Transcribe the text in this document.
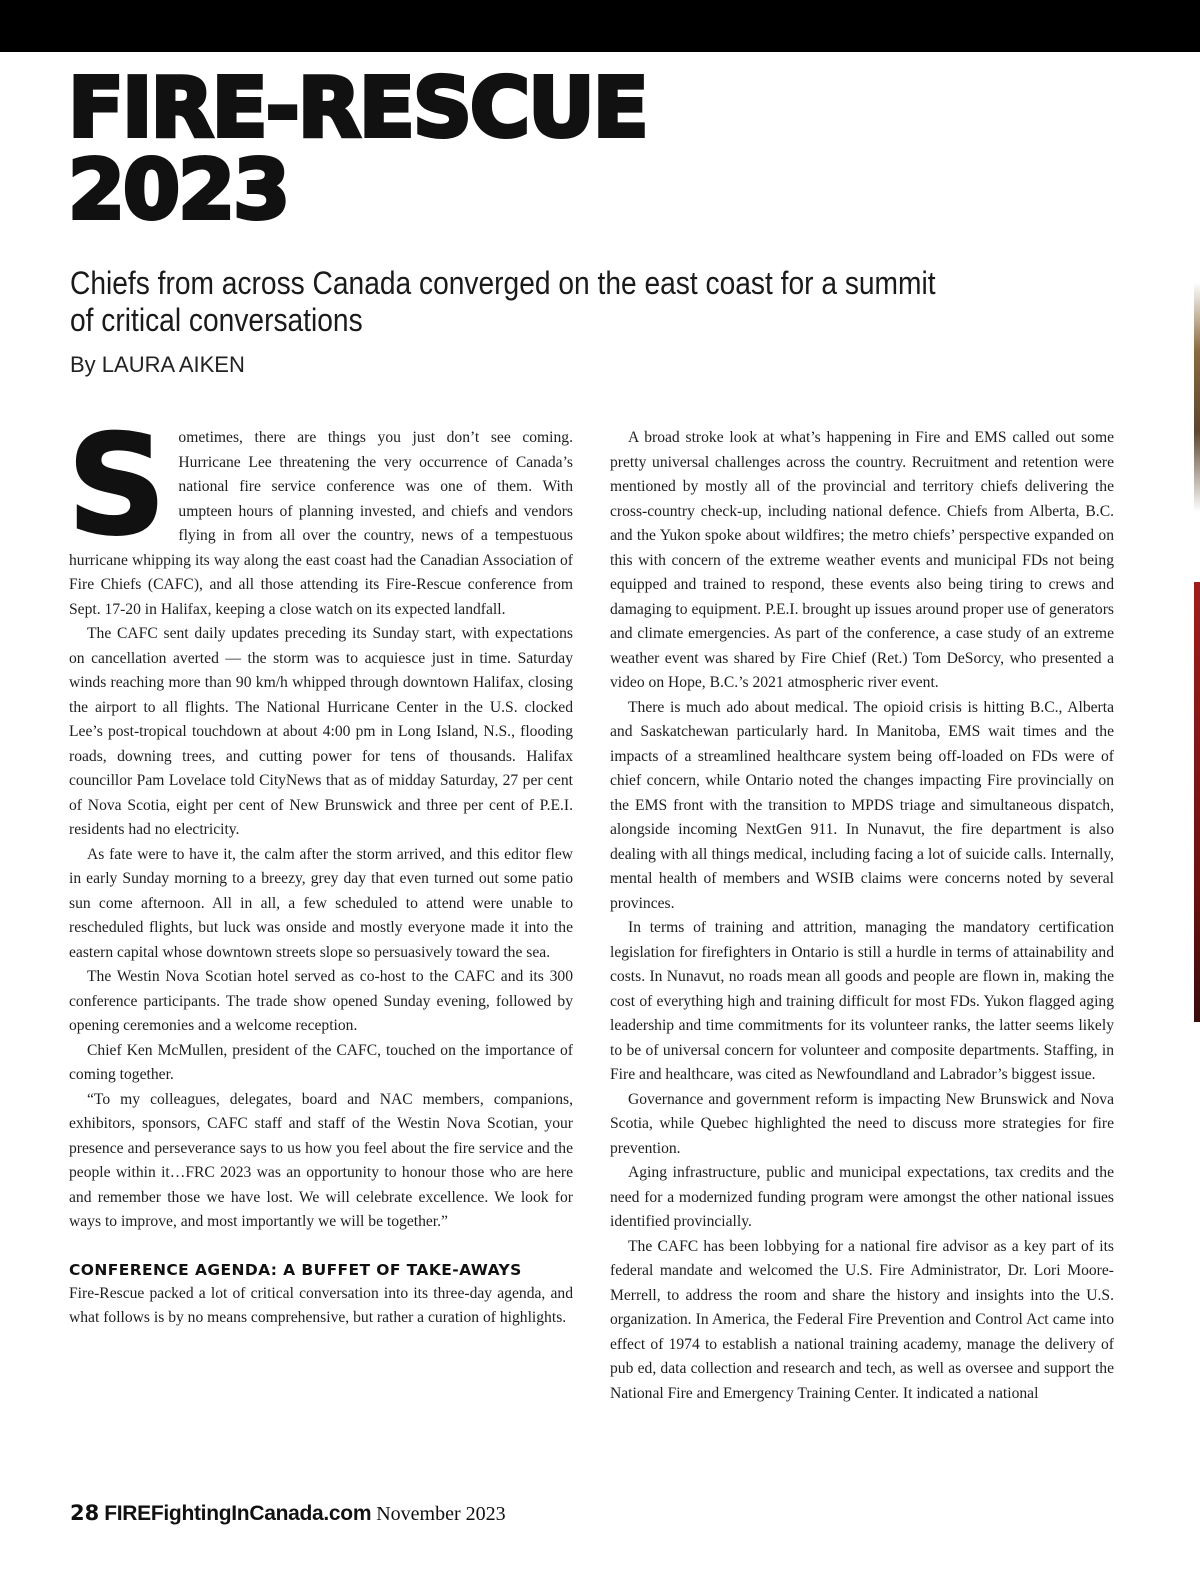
FIRE-RESCUE
2023
Chiefs from across Canada converged on the east coast for a summit of critical conversations

By LAURA AIKEN

S ometimes, there are things you just don’t see coming. Hurricane Lee threatening the very occurrence of Canada’s national fire service conference was one of them. With umpteen hours of planning invested, and chiefs and vendors flying in from all over the country, news of a tempestuous hurricane whipping its way along the east coast had the Canadian Association of Fire Chiefs (CAFC), and all those attending its Fire-Rescue conference from Sept. 17-20 in Halifax, keeping a close watch on its expected landfall.

The CAFC sent daily updates preceding its Sunday start, with expectations on cancellation averted — the storm was to acquiesce just in time. Saturday winds reaching more than 90 km/h whipped through downtown Halifax, closing the airport to all flights. The National Hurricane Center in the U.S. clocked Lee’s post-tropical touchdown at about 4:00 pm in Long Island, N.S., flooding roads, downing trees, and cutting power for tens of thousands. Halifax councillor Pam Lovelace told CityNews that as of midday Saturday, 27 per cent of Nova Scotia, eight per cent of New Brunswick and three per cent of P.E.I. residents had no electricity.

As fate were to have it, the calm after the storm arrived, and this editor flew in early Sunday morning to a breezy, grey day that even turned out some patio sun come afternoon. All in all, a few scheduled to attend were unable to rescheduled flights, but luck was onside and mostly everyone made it into the eastern capital whose downtown streets slope so persuasively toward the sea.

The Westin Nova Scotian hotel served as co-host to the CAFC and its 300 conference participants. The trade show opened Sunday evening, followed by opening ceremonies and a welcome reception.

Chief Ken McMullen, president of the CAFC, touched on the importance of coming together.

“To my colleagues, delegates, board and NAC members, companions, exhibitors, sponsors, CAFC staff and staff of the Westin Nova Scotian, your presence and perseverance says to us how you feel about the fire service and the people within it…FRC 2023 was an opportunity to honour those who are here and remember those we have lost. We will celebrate excellence. We look for ways to improve, and most importantly we will be together.”

CONFERENCE AGENDA: A BUFFET OF TAKE-AWAYS

Fire-Rescue packed a lot of critical conversation into its three-day agenda, and what follows is by no means comprehensive, but rather a curation of highlights.

A broad stroke look at what’s happening in Fire and EMS called out some pretty universal challenges across the country. Recruitment and retention were mentioned by mostly all of the provincial and territory chiefs delivering the cross-country check-up, including national defence. Chiefs from Alberta, B.C. and the Yukon spoke about wildfires; the metro chiefs’ perspective expanded on this with concern of the extreme weather events and municipal FDs not being equipped and trained to respond, these events also being tiring to crews and damaging to equipment. P.E.I. brought up issues around proper use of generators and climate emergencies. As part of the conference, a case study of an extreme weather event was shared by Fire Chief (Ret.) Tom DeSorcy, who presented a video on Hope, B.C.’s 2021 atmospheric river event.

There is much ado about medical. The opioid crisis is hitting B.C., Alberta and Saskatchewan particularly hard. In Manitoba, EMS wait times and the impacts of a streamlined healthcare system being off-loaded on FDs were of chief concern, while Ontario noted the changes impacting Fire provincially on the EMS front with the transition to MPDS triage and simultaneous dispatch, alongside incoming NextGen 911. In Nunavut, the fire department is also dealing with all things medical, including facing a lot of suicide calls. Internally, mental health of members and WSIB claims were concerns noted by several provinces.

In terms of training and attrition, managing the mandatory certification legislation for firefighters in Ontario is still a hurdle in terms of attainability and costs. In Nunavut, no roads mean all goods and people are flown in, making the cost of everything high and training difficult for most FDs. Yukon flagged aging leadership and time commitments for its volunteer ranks, the latter seems likely to be of universal concern for volunteer and composite departments. Staffing, in Fire and healthcare, was cited as Newfoundland and Labrador’s biggest issue.

Governance and government reform is impacting New Brunswick and Nova Scotia, while Quebec highlighted the need to discuss more strategies for fire prevention.

Aging infrastructure, public and municipal expectations, tax credits and the need for a modernized funding program were amongst the other national issues identified provincially.

The CAFC has been lobbying for a national fire advisor as a key part of its federal mandate and welcomed the U.S. Fire Administrator, Dr. Lori Moore-Merrell, to address the room and share the history and insights into the U.S. organization. In America, the Federal Fire Prevention and Control Act came into effect of 1974 to establish a national training academy, manage the delivery of pub ed, data collection and research and tech, as well as oversee and support the National Fire and Emergency Training Center. It indicated a national

28 FIREFightingInCanada.com November 2023
